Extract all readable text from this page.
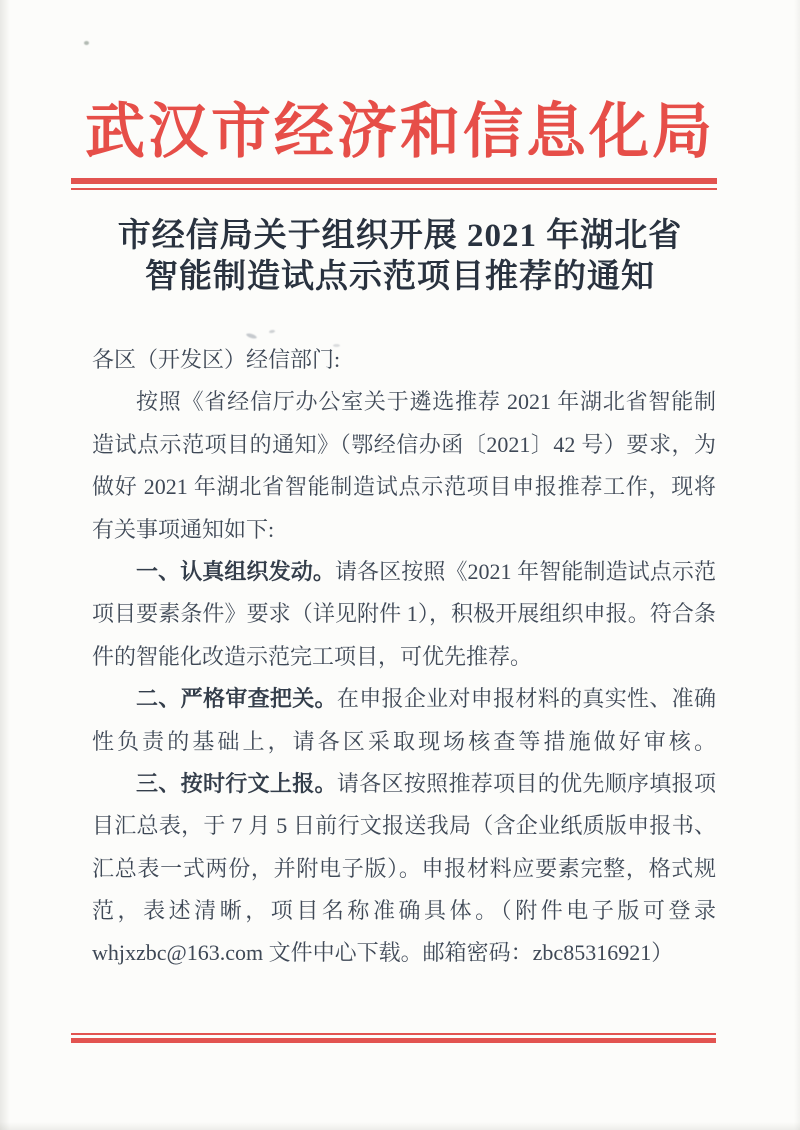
武汉市经济和信息化局
市经信局关于组织开展 2021 年湖北省
智能制造试点示范项目推荐的通知
各区（开发区）经信部门:
按照《省经信厅办公室关于遴选推荐 2021 年湖北省智能制
造试点示范项目的通知》（鄂经信办函〔2021〕42 号）要求，为
做好 2021 年湖北省智能制造试点示范项目申报推荐工作，现将
有关事项通知如下:
一、认真组织发动。请各区按照《2021 年智能制造试点示范
项目要素条件》要求（详见附件 1），积极开展组织申报。符合条
件的智能化改造示范完工项目，可优先推荐。
二、严格审查把关。在申报企业对申报材料的真实性、准确
性负责的基础上，请各区采取现场核查等措施做好审核。
三、按时行文上报。请各区按照推荐项目的优先顺序填报项
目汇总表，于 7 月 5 日前行文报送我局（含企业纸质版申报书、
汇总表一式两份，并附电子版）。申报材料应要素完整，格式规
范，表述清晰，项目名称准确具体。（附件电子版可登录
whjxzbc@163.com 文件中心下载。邮箱密码：zbc85316921）
